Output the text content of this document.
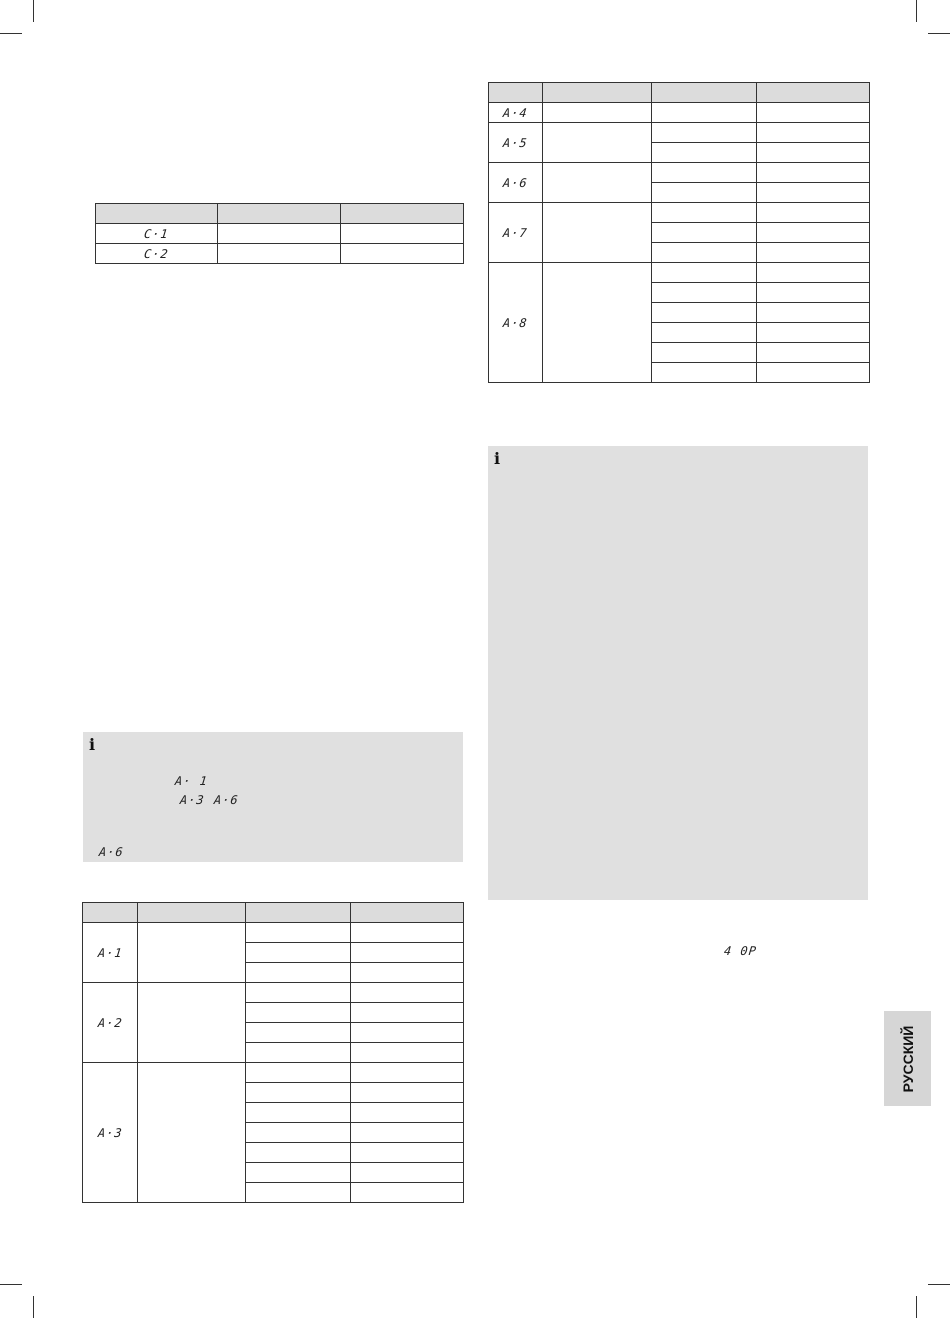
C·1		
C·2		
i
A· 1
A·3 A·6
A·6

A·1			

A·2			

A·3			

A·4			
A·5			

A·6			

A·7			

A·8			

i
4 0P
РУССКИЙ
